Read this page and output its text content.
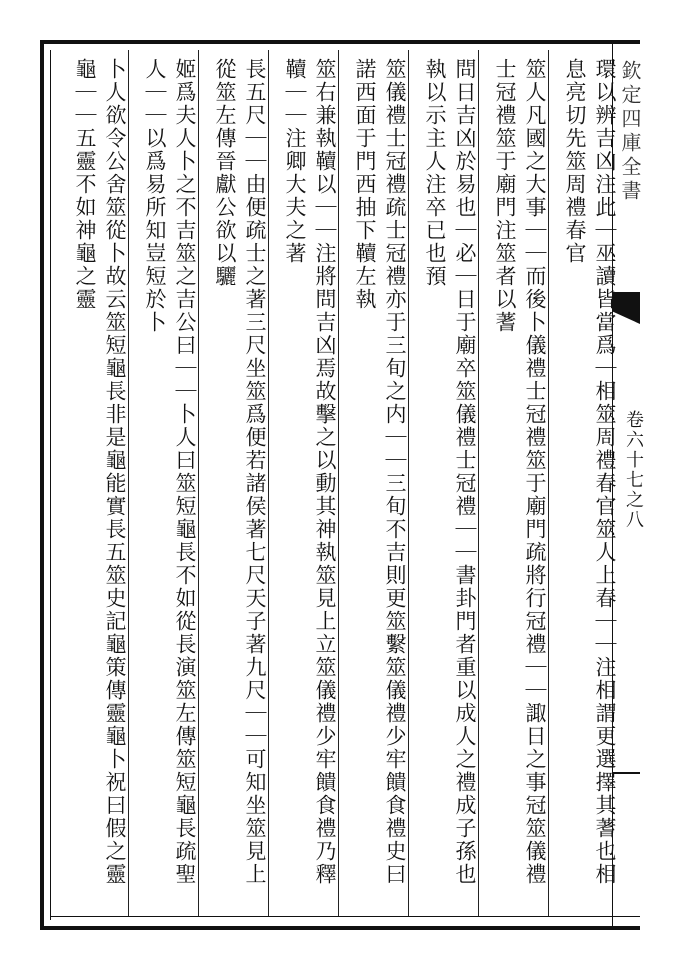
欽定四庫全書
卷六十七之八
環以辨吉凶注此｜巫讀皆當爲｜相筮周禮春官筮人上春｜｜注相謂更選擇其蓍也相息亮切先筮周禮春官
筮人凡國之大事｜｜而後卜儀禮士冠禮筮于廟門疏將行冠禮｜｜諏日之事冠筮儀禮士冠禮筮于廟門注筮者以蓍
問日吉凶於易也｜必｜日于廟卒筮儀禮士冠禮｜｜書卦門者重以成人之禮成子孫也執以示主人注卒已也預
筮儀禮士冠禮疏士冠禮亦于三旬之内｜｜三旬不吉則更筮繫筮儀禮少牢饋食禮史曰諾西面于門西抽下韇左執
筮右兼執韇以｜｜注將問吉凶焉故擊之以動其神執筮見上立筮儀禮少牢饋食禮乃釋韇｜｜注卿大夫之著
長五尺｜｜由便疏士之著三尺坐筮爲便若諸侯著七尺天子著九尺｜｜可知坐筮見上從筮左傳晉獻公欲以驪
姬爲夫人卜之不吉筮之吉公曰｜｜卜人曰筮短龜長不如從長演筮左傳筮短龜長疏聖人｜｜以爲易所知豈短於卜
卜人欲令公舍筮從卜故云筮短龜長非是龜能實長五筮史記龜策傳靈龜卜祝曰假之靈龜｜｜五靈不如神龜之靈
